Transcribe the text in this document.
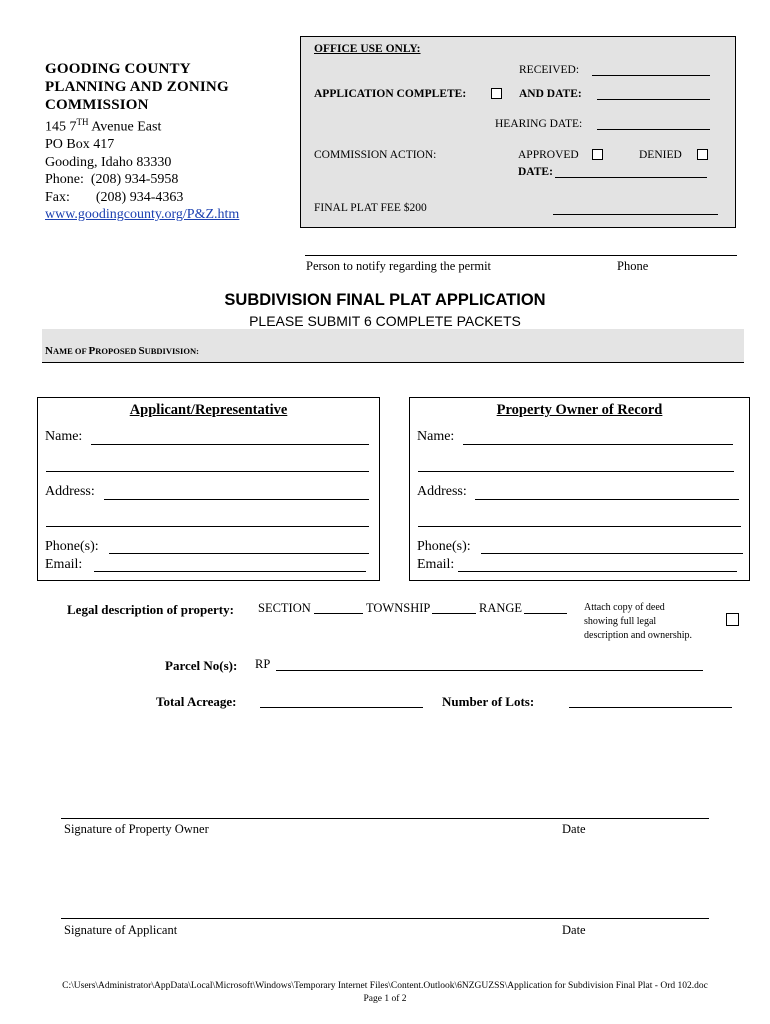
GOODING COUNTY
PLANNING AND ZONING
COMMISSION
145 7TH Avenue East
PO Box 417
Gooding, Idaho 83330
Phone: (208) 934-5958
Fax: (208) 934-4363
www.goodingcounty.org/P&Z.htm
OFFICE USE ONLY:
RECEIVED:
APPLICATION COMPLETE:	AND DATE:
HEARING DATE:
COMMISSION ACTION:	APPROVED	DENIED
DATE:
FINAL PLAT FEE $200
Person to notify regarding the permit	Phone
SUBDIVISION FINAL PLAT APPLICATION
PLEASE SUBMIT 6 COMPLETE PACKETS
NAME OF PROPOSED SUBDIVISION:
Applicant/Representative
Name:
Address:
Phone(s):
Email:
Property Owner of Record
Name:
Address:
Phone(s):
Email:
Legal description of property: SECTION	TOWNSHIP	RANGE	Attach copy of deed
showing full legal
description and ownership.
Parcel No(s): RP
Total Acreage:	Number of Lots:
Signature of Property Owner	Date
Signature of Applicant	Date
C:\Users\Administrator\AppData\Local\Microsoft\Windows\Temporary Internet Files\Content.Outlook\6NZGUZSS\Application for Subdivision Final Plat - Ord 102.doc
Page 1 of 2
